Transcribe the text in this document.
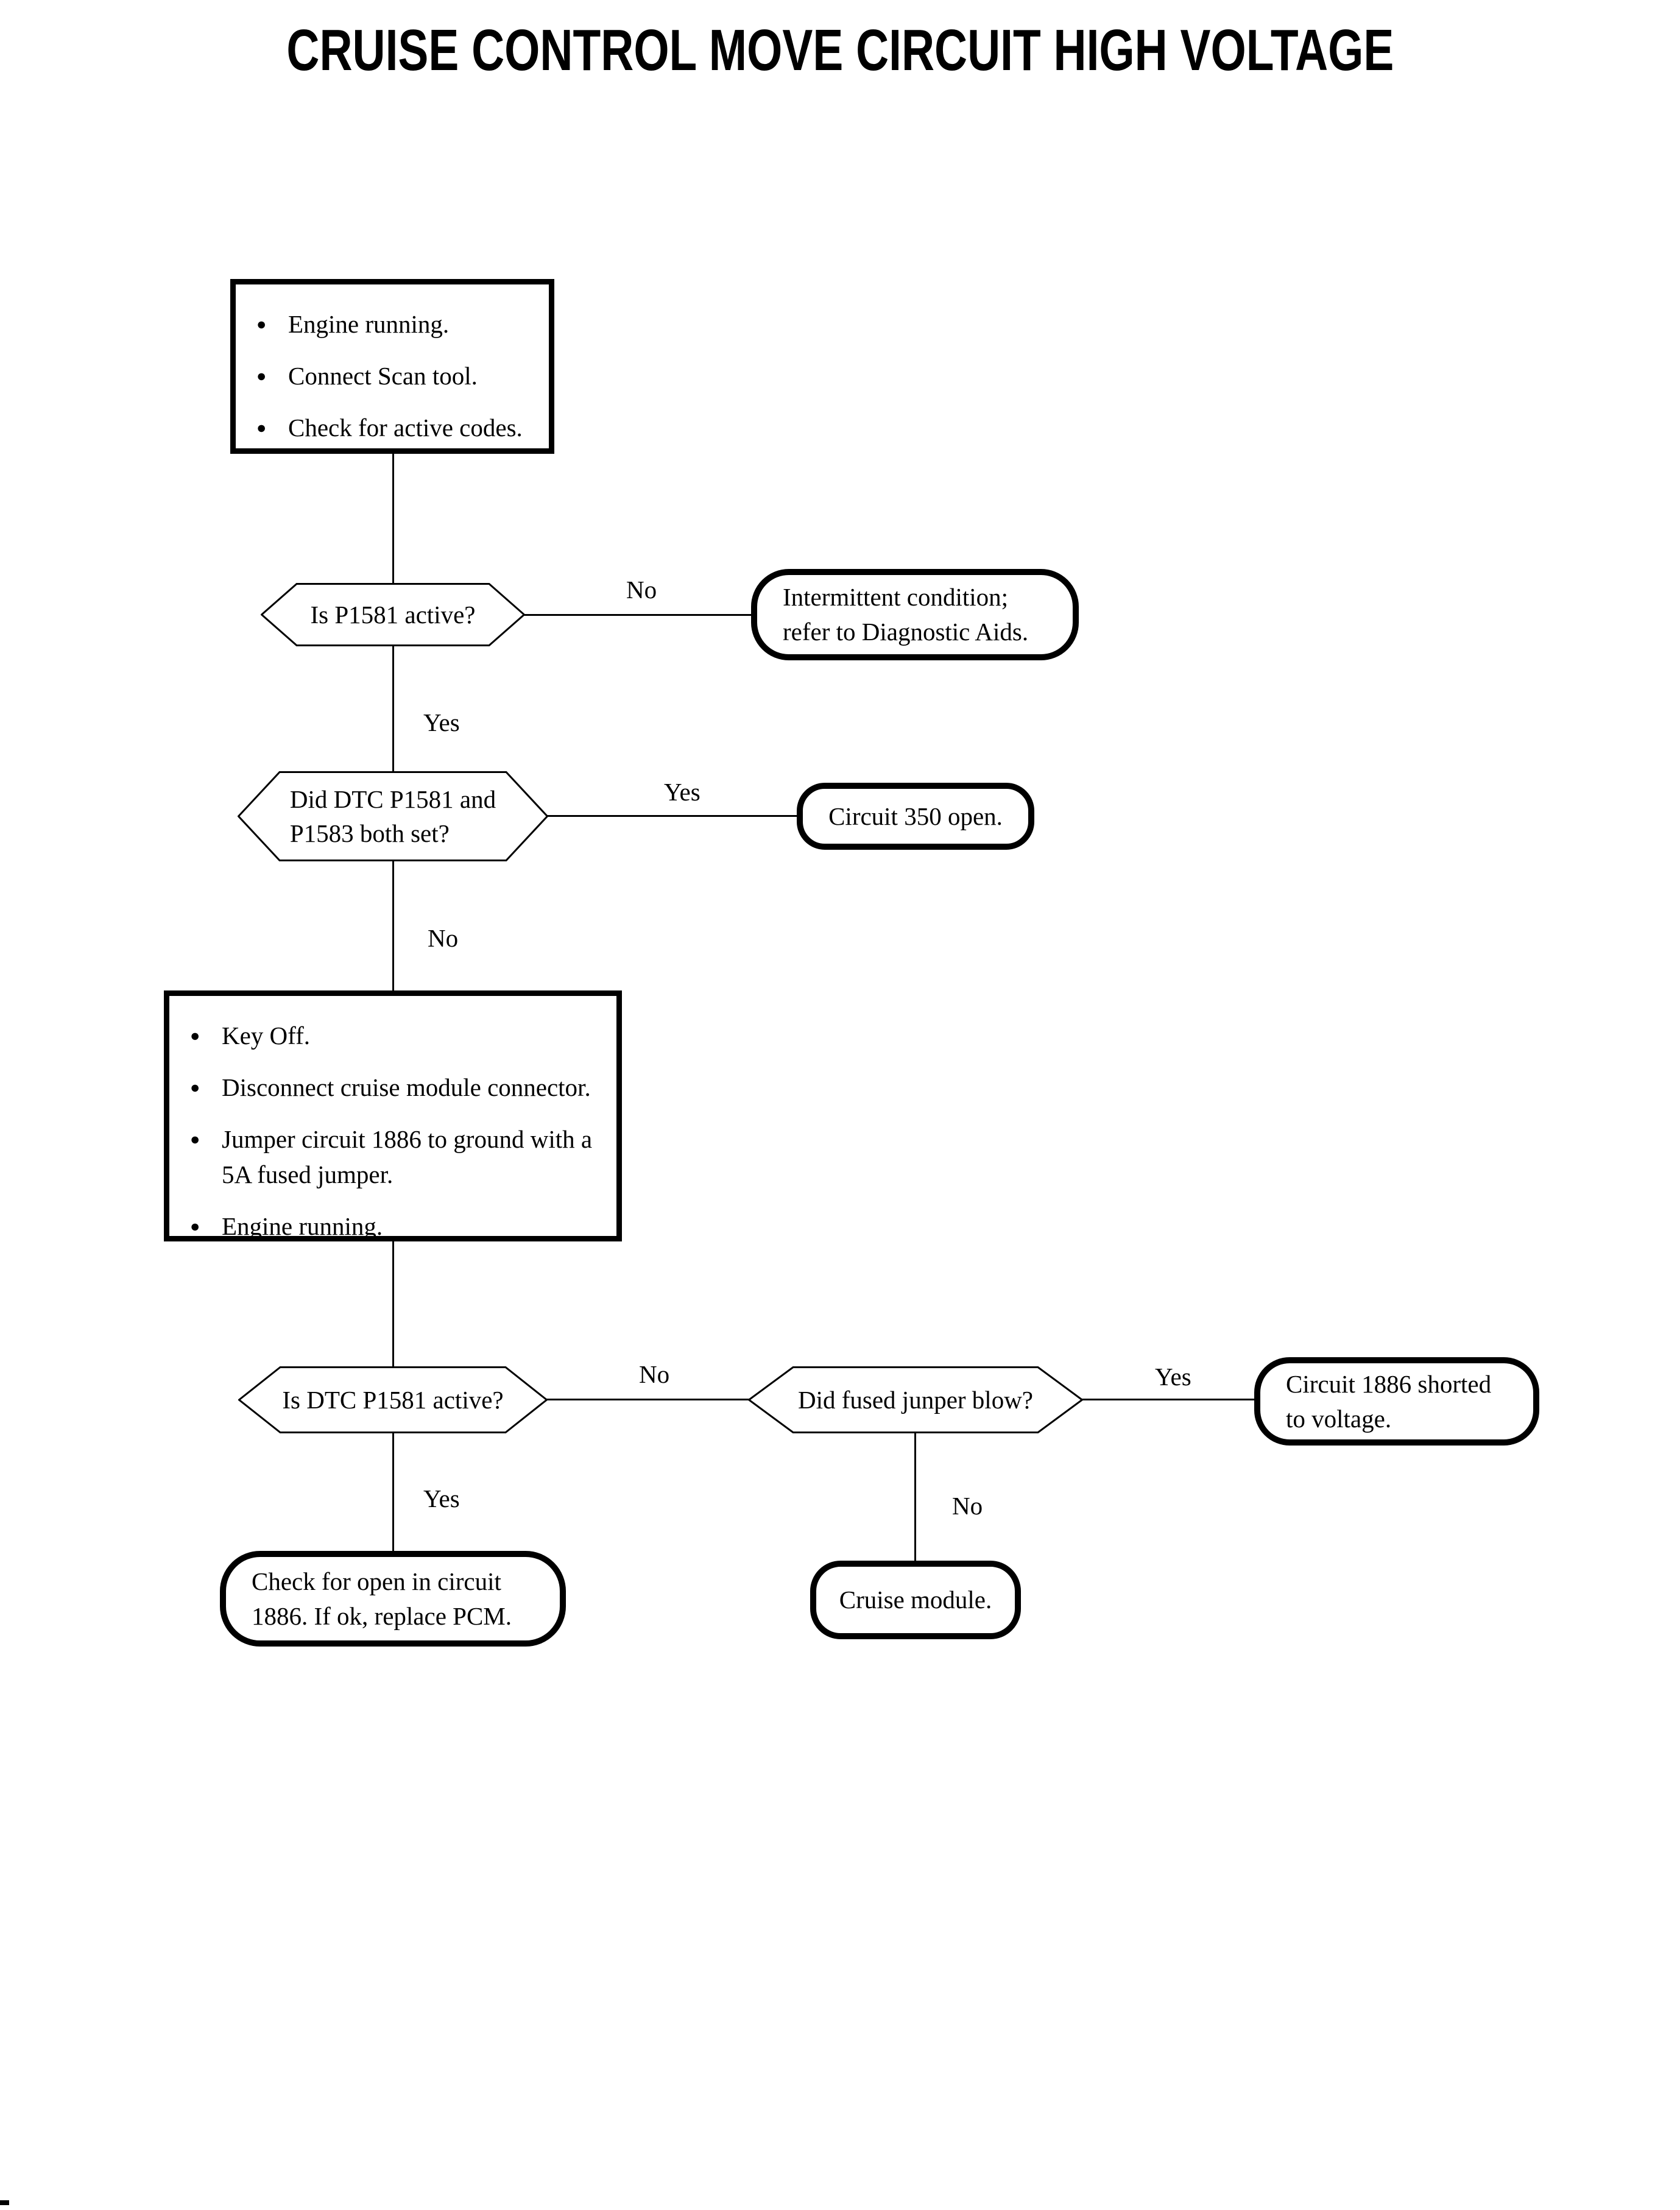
CRUISE CONTROL MOVE CIRCUIT HIGH VOLTAGE
No
Yes
Yes
No
No
Yes
Yes
No
● Engine running.
● Connect Scan tool.
● Check for active codes.
Is P1581 active?
Intermittent condition;
refer to Diagnostic Aids.
Did DTC P1581 and
P1583 both set?
Circuit 350 open.
● Key Off.
● Disconnect cruise module connector.
● Jumper circuit 1886 to ground with a
5A fused jumper.
● Engine running.
Is DTC P1581 active?	Did fused junper blow?
Circuit 1886 shorted
to voltage.
Check for open in circuit
1886. If ok, replace PCM.
Cruise module.
